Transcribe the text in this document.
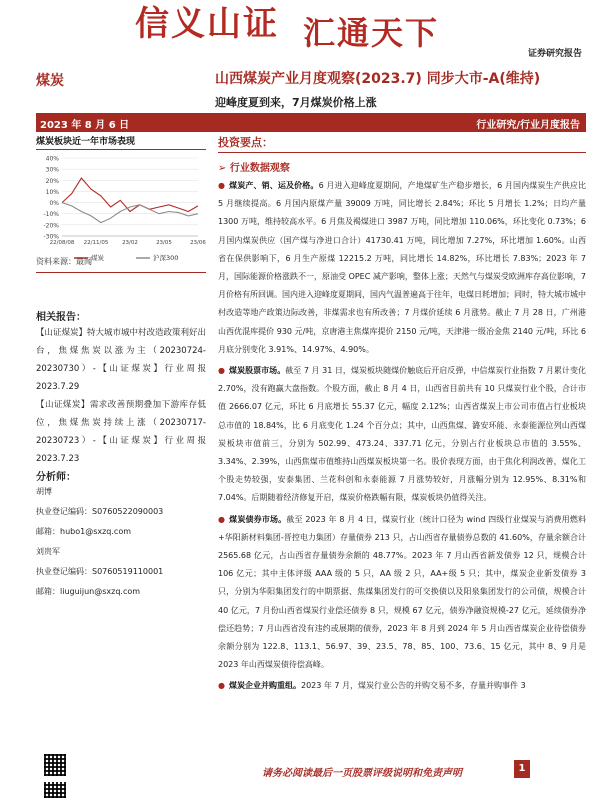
信义山证 汇通天下
证券研究报告
煤炭	山西煤炭产业月度观察(2023.7) 同步大市-A(维持)
迎峰度夏到来，7月煤炭价格上涨
2023 年 8 月 6 日	行业研究/行业月度报告
煤炭板块近一年市场表现
40%
30%
20%
10%
0%
-10%
-20%
-30%
22/08/08 22/11/05 23/02	23/05	23/06
煤炭	沪深300
资料来源：最闻
相关报告：
【山证煤炭】特大城市城中村改造政策利好出台，焦煤焦炭以涨为主（20230724-20230730）-【山证煤炭】行业周报 2023.7.29
【山证煤炭】需求改善预期叠加下游库存低位，焦煤焦炭持续上涨（20230717-20230723）-【山证煤炭】行业周报 2023.7.23
分析师：
胡博
执业登记编码：S0760522090003
邮箱：hubo1@sxzq.com
刘贵军
执业登记编码：S0760519110001
邮箱：liuguijun@sxzq.com
投资要点：
➢ 行业数据观察
● 煤炭产、销、运及价格。6 月进入迎峰度夏期间，产地煤矿生产稳步增长，6 月国内煤炭生产供应比 5 月继续提高。6 月国内原煤产量 39009 万吨，同比增长 2.84%；环比 5 月增长 1.2%；日均产量 1300 万吨，维持较高水平。6 月焦及褐煤进口 3987 万吨，同比增加 110.06%，环比变化 0.73%；6 月国内煤炭供应（国产煤与净进口合计）41730.41 万吨，同比增加 7.27%，环比增加 1.60%。山西省在保供影响下，6 月生产原煤 12215.2 万吨，同比增长 14.82%，环比增长 7.83%；2023 年 7 月，国际能源价格涨跌不一，原油受 OPEC 减产影响，整体上涨；天然气与煤炭受欧洲库存高位影响，7 月价格有所回调。国内进入迎峰度夏期间，国内气温普遍高于往年，电煤日耗增加；同时，特大城市城中村改造等地产政策边际改善，非煤需求也有所改善；7 月煤价延续 6 月涨势。截止 7 月 28 日，广州港山西优混库提价 930 元/吨，京唐港主焦煤库提价 2150 元/吨，天津港一级冶金焦 2140 元/吨，环比 6 月底分别变化 3.91%、14.97%、4.90%。
● 煤炭股票市场。截至 7 月 31 日，煤炭板块随煤价触底后开启反弹，中信煤炭行业指数 7 月累计变化 2.70%，没有跑赢大盘指数。个股方面，截止 8 月 4 日，山西省目前共有 10 只煤炭行业个股，合计市值 2666.07 亿元，环比 6 月底增长 55.37 亿元，幅度 2.12%；山西省煤炭上市公司市值占行业板块总市值的 18.84%，比 6 月底变化 1.24 个百分点；其中，山西焦煤、潞安环能、永泰能源位列山西煤炭板块市值前三，分别为 502.99、473.24、337.71 亿元，分别占行业板块总市值的 3.55%、3.34%、2.39%，山西焦煤市值维持山西煤炭板块第一名。股价表现方面，由于焦化利润改善，煤化工个股走势较强，安泰集团、兰花科创和永泰能源 7 月涨势较好，月涨幅分别为 12.95%、8.31%和 7.04%。后期随着经济修复开启，煤炭价格跌幅有限，煤炭板块仍值得关注。
● 煤炭债券市场。截至 2023 年 8 月 4 日，煤炭行业（统计口径为 wind 四级行业煤炭与消费用燃料+华阳新材料集团-晋控电力集团）存量债券 213 只，占山西省存量债券总数的 41.60%，存量余额合计 2565.68 亿元，占山西省存量债券余额的 48.77%。2023 年 7 月山西省新发债券 12 只，规模合计 106 亿元；其中主体评级 AAA 级的 5 只，AA 级 2 只，AA+级 5 只；其中，煤炭企业新发债券 3 只，分别为华阳集团发行的中期票据、焦煤集团发行的可交换债以及阳泉集团发行的公司债，规模合计 40 亿元，7 月份山西省煤炭行业偿还债券 8 只，规模 67 亿元，债券净融资规模-27 亿元，延续债券净偿还趋势；7 月山西省没有违约或展期的债券，2023 年 8 月到 2024 年 5 月山西省煤炭企业待偿债券余额分别为 122.8、113.1、56.97、39、23.5、78、85、100、73.6、15 亿元，其中 8、9 月是 2023 年山西煤炭债待偿高峰。
● 煤炭企业并购重组。2023 年 7 月，煤炭行业公告的并购交易不多，存量并购事件 3
请务必阅读最后一页股票评级说明和免责声明	1
